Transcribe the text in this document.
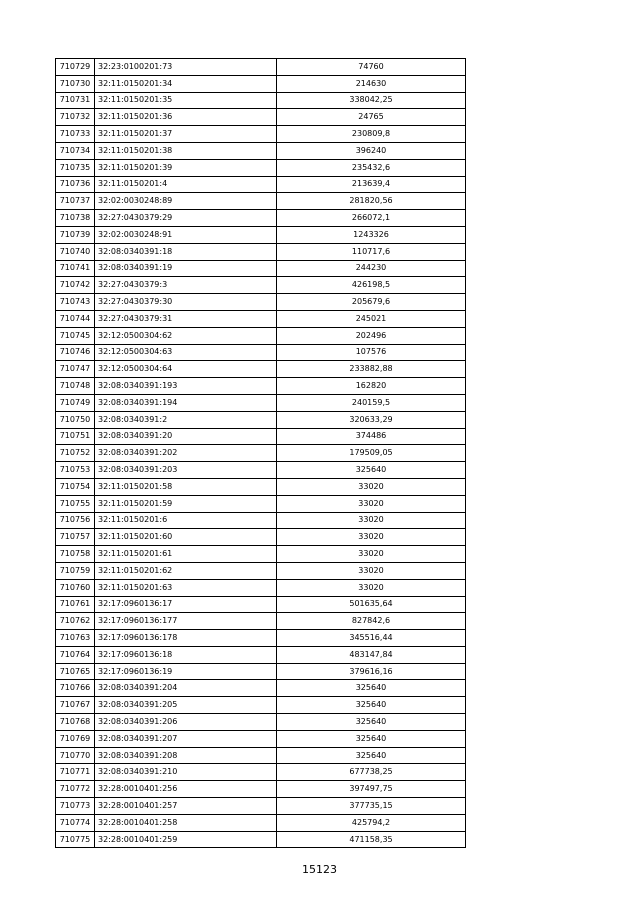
710729	32:23:0100201:73	74760
710730	32:11:0150201:34	214630
710731	32:11:0150201:35	338042,25
710732	32:11:0150201:36	24765
710733	32:11:0150201:37	230809,8
710734	32:11:0150201:38	396240
710735	32:11:0150201:39	235432,6
710736	32:11:0150201:4	213639,4
710737	32:02:0030248:89	281820,56
710738	32:27:0430379:29	266072,1
710739	32:02:0030248:91	1243326
710740	32:08:0340391:18	110717,6
710741	32:08:0340391:19	244230
710742	32:27:0430379:3	426198,5
710743	32:27:0430379:30	205679,6
710744	32:27:0430379:31	245021
710745	32:12:0500304:62	202496
710746	32:12:0500304:63	107576
710747	32:12:0500304:64	233882,88
710748	32:08:0340391:193	162820
710749	32:08:0340391:194	240159,5
710750	32:08:0340391:2	320633,29
710751	32:08:0340391:20	374486
710752	32:08:0340391:202	179509,05
710753	32:08:0340391:203	325640
710754	32:11:0150201:58	33020
710755	32:11:0150201:59	33020
710756	32:11:0150201:6	33020
710757	32:11:0150201:60	33020
710758	32:11:0150201:61	33020
710759	32:11:0150201:62	33020
710760	32:11:0150201:63	33020
710761	32:17:0960136:17	501635,64
710762	32:17:0960136:177	827842,6
710763	32:17:0960136:178	345516,44
710764	32:17:0960136:18	483147,84
710765	32:17:0960136:19	379616,16
710766	32:08:0340391:204	325640
710767	32:08:0340391:205	325640
710768	32:08:0340391:206	325640
710769	32:08:0340391:207	325640
710770	32:08:0340391:208	325640
710771	32:08:0340391:210	677738,25
710772	32:28:0010401:256	397497,75
710773	32:28:0010401:257	377735,15
710774	32:28:0010401:258	425794,2
710775	32:28:0010401:259	471158,35
15123
